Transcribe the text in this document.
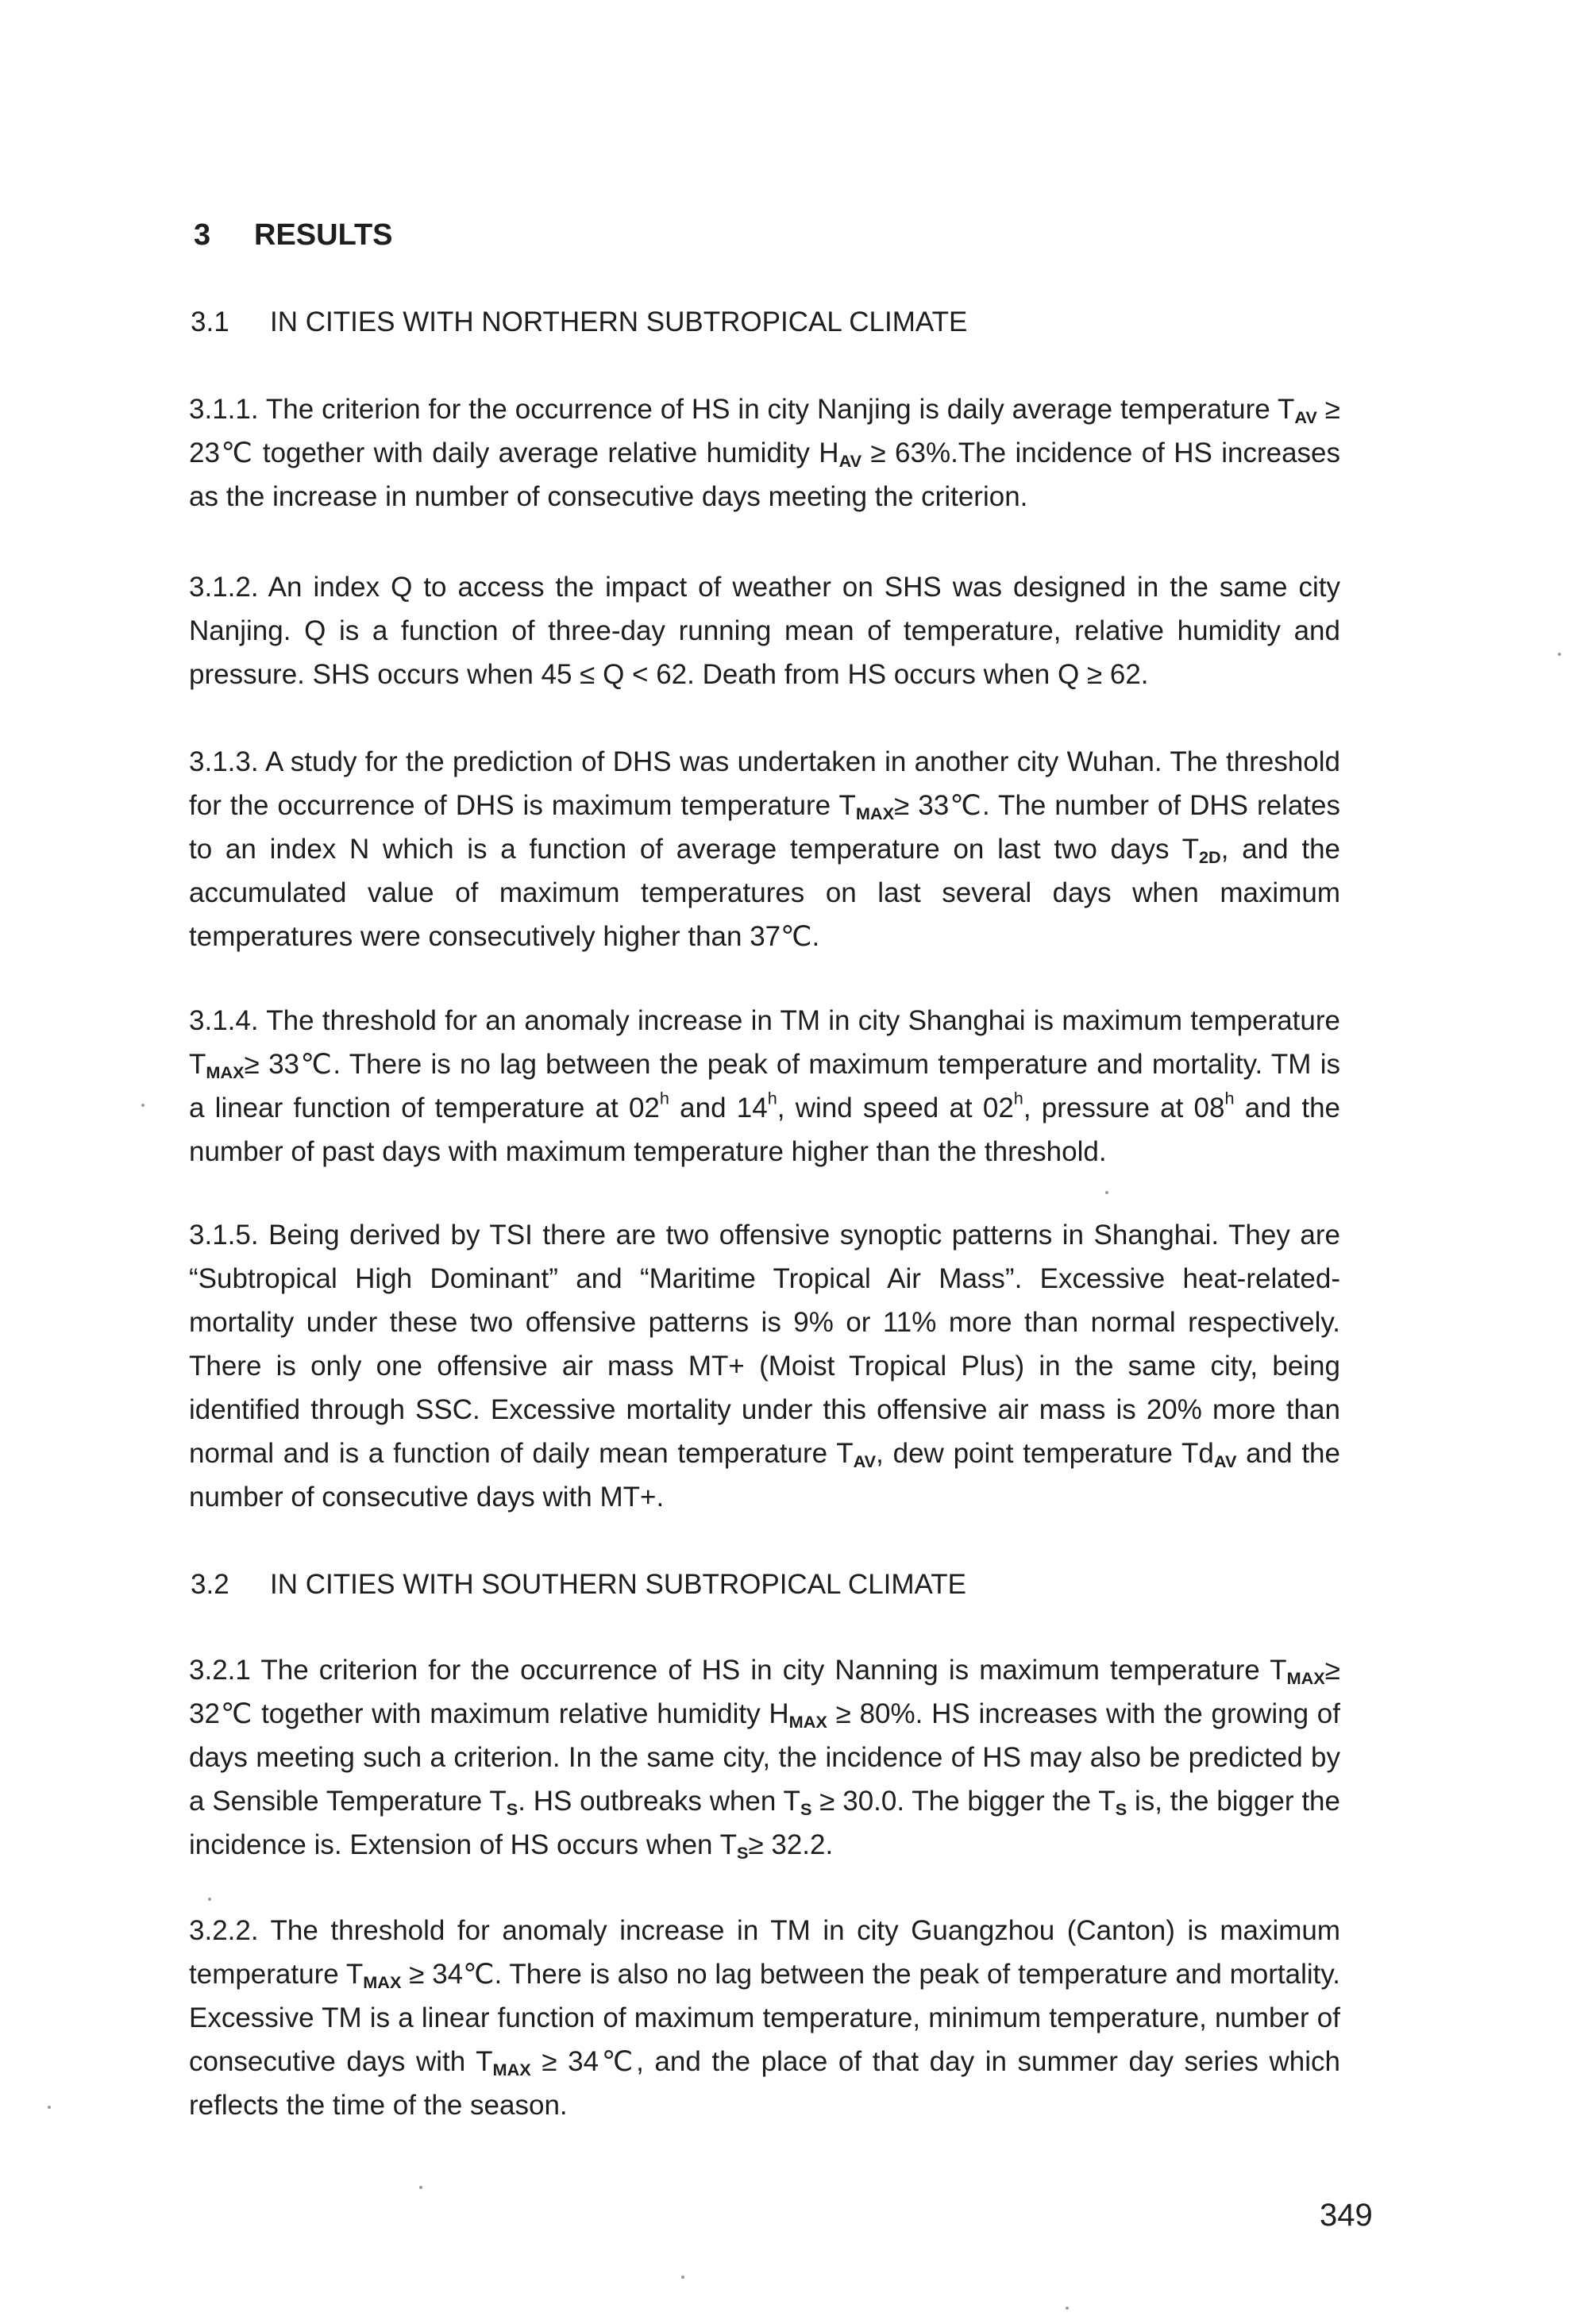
3 RESULTS
3.1 IN CITIES WITH NORTHERN SUBTROPICAL CLIMATE
3.1.1. The criterion for the occurrence of HS in city Nanjing is daily average temperature $T_{AV}$ ≥ 23℃ together with daily average relative humidity $H_{AV} \ge 63\%.The$ incidence of HS increases as the increase in number of consecutive days meeting the criterion.
3.1.2. An index Q to access the impact of weather on SHS was designed in the same city Nanjing. Q is a function of three-day running mean of temperature, relative humidity and pressure. SHS occurs when 45 ≤ Q < 62. Death from HS occurs when Q ≥ 62.
3.1.3. A study for the prediction of DHS was undertaken in another city Wuhan. The threshold for the occurrence of DHS is maximum temperature $T_{MAX}\ge$ 33℃. The number of DHS relates to an index N which is a function of average temperature on last two days $T_{2D}$, and the accumulated value of maximum temperatures on last several days when maximum temperatures were consecutively higher than 37℃.
3.1.4. The threshold for an anomaly increase in TM in city Shanghai is maximum temperature $T_{MAX}\ge$ 33℃. There is no lag between the peak of maximum temperature and mortality. TM is a linear function of temperature at 02$^h$ and 14$^h$, wind speed at 02$^h$, pressure at 08$^h$ and the number of past days with maximum temperature higher than the threshold.
3.1.5. Being derived by TSI there are two offensive synoptic patterns in Shanghai. They are “Subtropical High Dominant” and “Maritime Tropical Air Mass”. Excessive heat-related-mortality under these two offensive patterns is 9% or 11% more than normal respectively. There is only one offensive air mass MT+ (Moist Tropical Plus) in the same city, being identified through SSC. Excessive mortality under this offensive air mass is 20% more than normal and is a function of daily mean temperature $T_{AV}$, dew point temperature $Td_{AV}$ and the number of consecutive days with MT+.
3.2 IN CITIES WITH SOUTHERN SUBTROPICAL CLIMATE
3.2.1 The criterion for the occurrence of HS in city Nanning is maximum temperature $T_{MAX}\ge$ 32℃ together with maximum relative humidity $H_{MAX} \ge 80\%$. HS increases with the growing of days meeting such a criterion. In the same city, the incidence of HS may also be predicted by a Sensible Temperature $T_S$. HS outbreaks when $T_S \ge 30.0$. The bigger the $T_S$ is, the bigger the incidence is. Extension of HS occurs when $T_S\ge 32.2$.
3.2.2. The threshold for anomaly increase in TM in city Guangzhou (Canton) is maximum temperature $T_{MAX}$ ≥ 34℃. There is also no lag between the peak of temperature and mortality. Excessive TM is a linear function of maximum temperature, minimum temperature, number of consecutive days with $T_{MAX}$ ≥ 34℃, and the place of that day in summer day series which reflects the time of the season.
349
